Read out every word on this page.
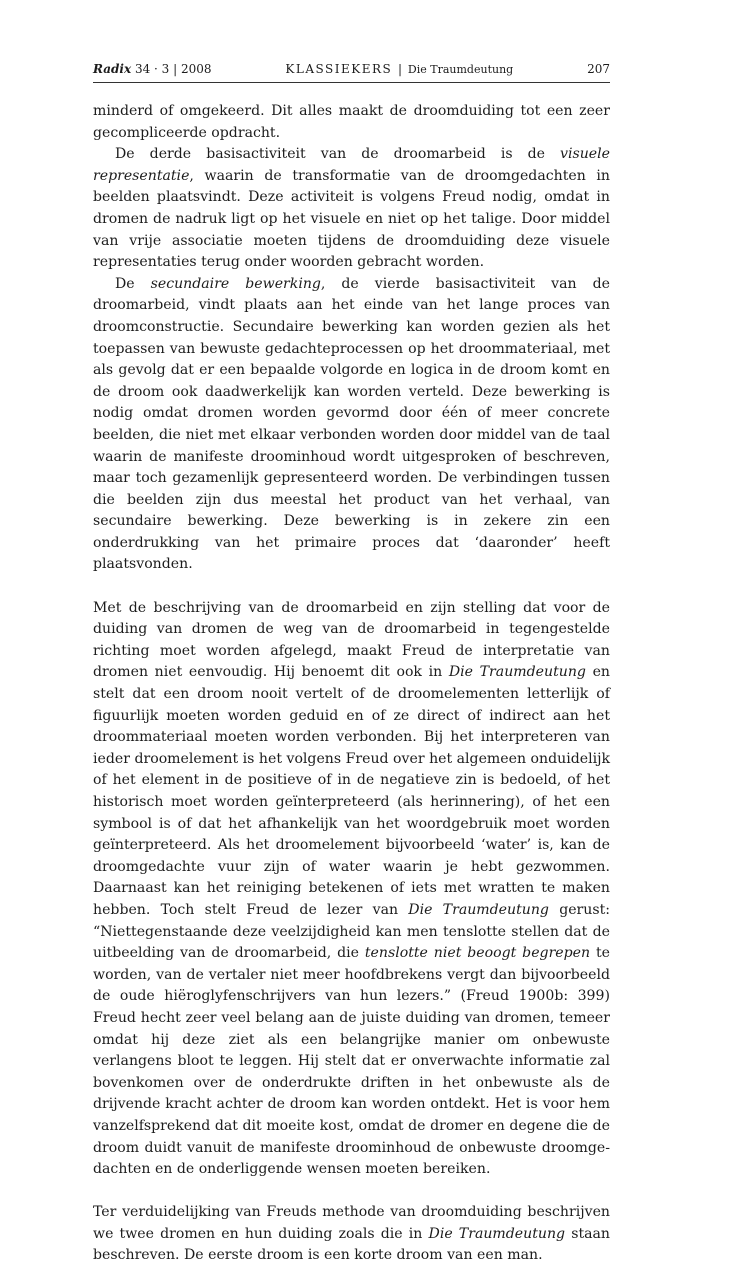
Radix 34 · 3 | 2008	KLASSIEKERS | Die Traumdeutung	207

minderd of omgekeerd. Dit alles maakt de droomduiding tot een zeer gecompliceerde opdracht.

De derde basisactiviteit van de droomarbeid is de visuele representatie, waarin de transformatie van de droomgedachten in beelden plaatsvindt. Deze activiteit is volgens Freud nodig, omdat in dromen de nadruk ligt op het visuele en niet op het talige. Door middel van vrije associatie moeten tijdens de droomduiding deze visuele representaties terug onder woorden gebracht worden.

De secundaire bewerking, de vierde basisactiviteit van de droomarbeid, vindt plaats aan het einde van het lange proces van droomconstructie. Secundaire bewerking kan worden gezien als het toepassen van bewuste gedachteprocessen op het droommateriaal, met als gevolg dat er een bepaalde volgorde en logica in de droom komt en de droom ook daadwerkelijk kan worden verteld. Deze bewerking is nodig omdat dromen worden gevormd door één of meer concrete beelden, die niet met elkaar verbonden worden door middel van de taal waarin de manifeste droominhoud wordt uitgesproken of beschreven, maar toch gezamenlijk gepresenteerd worden. De verbindingen tussen die beelden zijn dus meestal het product van het verhaal, van secundaire bewerking. Deze bewerking is in zekere zin een onderdrukking van het primaire proces dat ‘daaronder’ heeft plaatsvonden.

Met de beschrijving van de droomarbeid en zijn stelling dat voor de duiding van dromen de weg van de droomarbeid in tegengestelde richting moet worden afgelegd, maakt Freud de interpretatie van dromen niet eenvoudig. Hij benoemt dit ook in Die Traumdeutung en stelt dat een droom nooit vertelt of de droomelementen letterlijk of figuurlijk moeten worden geduid en of ze direct of indirect aan het droommateriaal moeten worden verbonden. Bij het interpreteren van ieder droomelement is het volgens Freud over het algemeen onduidelijk of het element in de positieve of in de negatieve zin is bedoeld, of het historisch moet worden geïnterpreteerd (als herinnering), of het een symbool is of dat het afhankelijk van het woordgebruik moet worden geïnterpreteerd. Als het droomelement bijvoorbeeld ‘water’ is, kan de droomgedachte vuur zijn of water waarin je hebt gezwommen. Daarnaast kan het reiniging betekenen of iets met wratten te maken hebben. Toch stelt Freud de lezer van Die Traumdeutung gerust: “Niettegenstaande deze veelzijdigheid kan men tenslotte stellen dat de uitbeelding van de droomarbeid, die tenslotte niet beoogt begrepen te worden, van de vertaler niet meer hoofdbrekens vergt dan bijvoorbeeld de oude hiëroglyfenschrijvers van hun lezers.” (Freud 1900b: 399) Freud hecht zeer veel belang aan de juiste duiding van dromen, temeer omdat hij deze ziet als een belangrijke manier om onbewuste verlangens bloot te leggen. Hij stelt dat er onverwachte informatie zal bovenkomen over de onderdrukte driften in het onbewuste als de drijvende kracht achter de droom kan worden ontdekt. Het is voor hem vanzelfsprekend dat dit moeite kost, omdat de dromer en degene die de droom duidt vanuit de manifeste droominhoud de onbewuste droomgedachten en de onderliggende wensen moeten bereiken.

Ter verduidelijking van Freuds methode van droomduiding beschrijven we twee dromen en hun duiding zoals die in Die Traumdeutung staan beschreven. De eerste droom is een korte droom van een man.
